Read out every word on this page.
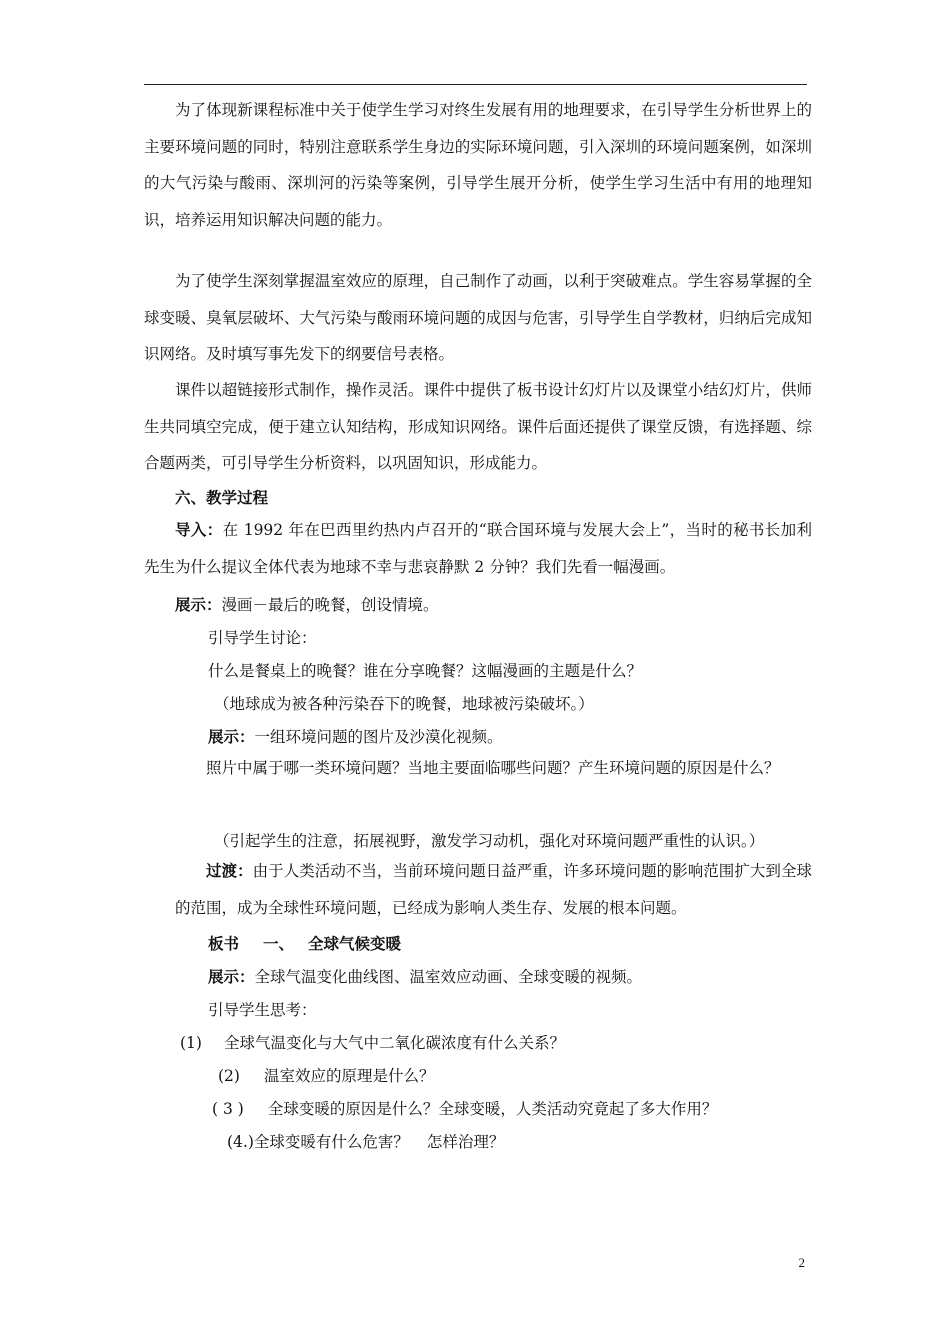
为了体现新课程标准中关于使学生学习对终生发展有用的地理要求，在引导学生分析世界上的主要环境问题的同时，特别注意联系学生身边的实际环境问题，引入深圳的环境问题案例，如深圳的大气污染与酸雨、深圳河的污染等案例，引导学生展开分析，使学生学习生活中有用的地理知识，培养运用知识解决问题的能力。

为了使学生深刻掌握温室效应的原理，自己制作了动画，以利于突破难点。学生容易掌握的全球变暖、臭氧层破坏、大气污染与酸雨环境问题的成因与危害，引导学生自学教材，归纳后完成知识网络。及时填写事先发下的纲要信号表格。

课件以超链接形式制作，操作灵活。课件中提供了板书设计幻灯片以及课堂小结幻灯片，供师生共同填空完成，便于建立认知结构，形成知识网络。课件后面还提供了课堂反馈，有选择题、综合题两类，可引导学生分析资料，以巩固知识，形成能力。

六、教学过程

导入：在 1992 年在巴西里约热内卢召开的“联合国环境与发展大会上”，当时的秘书长加利先生为什么提议全体代表为地球不幸与悲哀静默 2 分钟？我们先看一幅漫画。

展示：漫画－最后的晚餐，创设情境。

引导学生讨论：

什么是餐桌上的晚餐？谁在分享晚餐？这幅漫画的主题是什么？

（地球成为被各种污染吞下的晚餐，地球被污染破坏。）

展示：一组环境问题的图片及沙漠化视频。

照片中属于哪一类环境问题？当地主要面临哪些问题？产生环境问题的原因是什么？

（引起学生的注意，拓展视野，激发学习动机，强化对环境问题严重性的认识。）

过渡：由于人类活动不当，当前环境问题日益严重，许多环境问题的影响范围扩大到全球的范围，成为全球性环境问题，已经成为影响人类生存、发展的根本问题。

板书 一、 全球气候变暖

展示：全球气温变化曲线图、温室效应动画、全球变暖的视频。

引导学生思考：

(1) 全球气温变化与大气中二氧化碳浓度有什么关系？

(2) 温室效应的原理是什么？

( 3 ) 全球变暖的原因是什么？全球变暖，人类活动究竟起了多大作用？

(4.)全球变暖有什么危害？ 怎样治理？

2
